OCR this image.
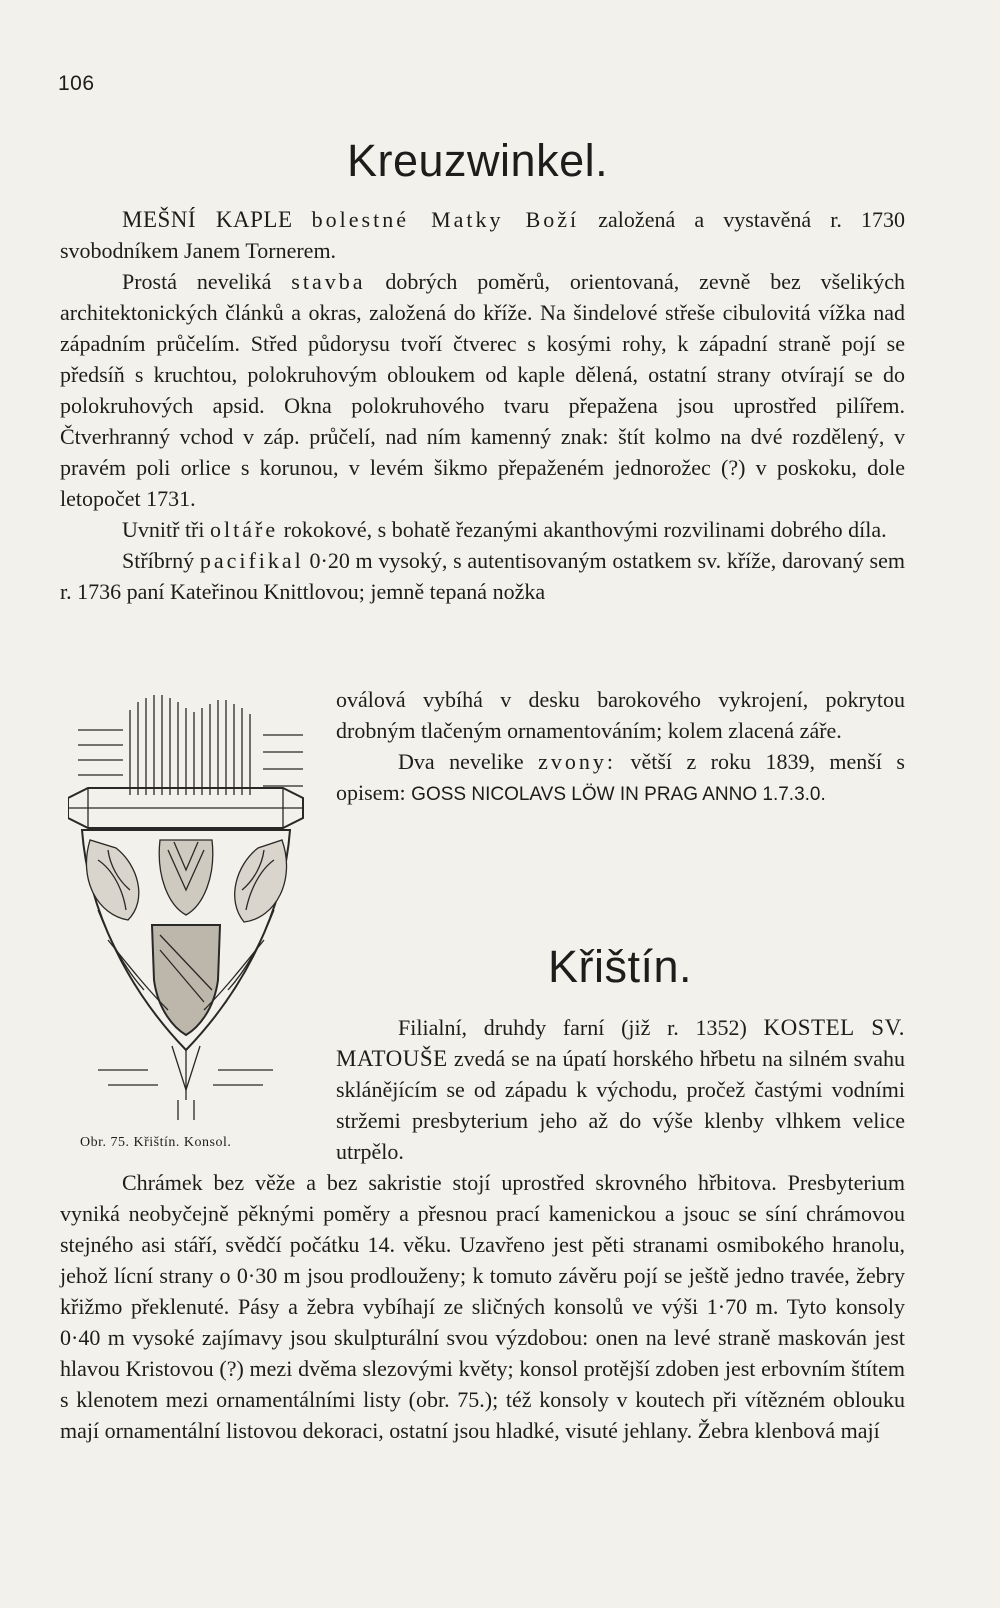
106
Kreuzwinkel.

MEŠNÍ KAPLE bolestné Matky Boží založená a vystavěná r. 1730 svobodníkem Janem Tornerem.

Prostá neveliká stavba dobrých poměrů, orientovaná, zevně bez všelikých architektonických článků a okras, založená do kříže. Na šindelové střeše cibulovitá vížka nad západním průčelím. Střed půdorysu tvoří čtverec s kosými rohy, k západní straně pojí se předsíň s kruchtou, polokruhovým obloukem od kaple dělená, ostatní strany otvírají se do polokruhových apsid. Okna polokruhového tvaru přepažena jsou uprostřed pilířem. Čtverhranný vchod v záp. průčelí, nad ním kamenný znak: štít kolmo na dvé rozdělený, v pravém poli orlice s korunou, v levém šikmo přepaženém jednorožec (?) v poskoku, dole letopočet 1731.

Uvnitř tři oltáře rokokové, s bohatě řezanými akanthovými rozvilinami dobrého díla.

Stříbrný pacifikal 0·20 m vysoký, s autentisovaným ostatkem sv. kříže, darovaný sem r. 1736 paní Kateřinou Knittlovou; jemně tepaná nožka

oválová vybíhá v desku barokového vykrojení, pokrytou drobným tlačeným ornamentováním; kolem zlacená záře.

Dva nevelike zvony: větší z roku 1839, menší s opisem: GOSS NICOLAVS LÖW IN PRAG ANNO 1.7.3.0.

Obr. 75. Křištín. Konsol.
Křištín.

Filialní, druhdy farní (již r. 1352) KOSTEL SV. MATOUŠE zvedá se na úpatí horského hřbetu na silném svahu sklánějícím se od západu k východu, pročež častými vodními stržemi presbyterium jeho až do výše klenby vlhkem velice utrpělo.

Chrámek bez věže a bez sakristie stojí uprostřed skrovného hřbitova. Presbyterium vyniká neobyčejně pěknými poměry a přesnou prací kamenickou a jsouc se síní chrámovou stejného asi stáří, svědčí počátku 14. věku. Uzavřeno jest pěti stranami osmibokého hranolu, jehož lícní strany o 0·30 m jsou prodlouženy; k tomuto závěru pojí se ještě jedno travée, žebry křižmo překlenuté. Pásy a žebra vybíhají ze sličných konsolů ve výši 1·70 m. Tyto konsoly 0·40 m vysoké zajímavy jsou skulpturální svou výzdobou: onen na levé straně maskován jest hlavou Kristovou (?) mezi dvěma slezovými květy; konsol protější zdoben jest erbovním štítem s klenotem mezi ornamentálními listy (obr. 75.); též konsoly v koutech při vítězném oblouku mají ornamentální listovou dekoraci, ostatní jsou hladké, visuté jehlany. Žebra klenbová mají
